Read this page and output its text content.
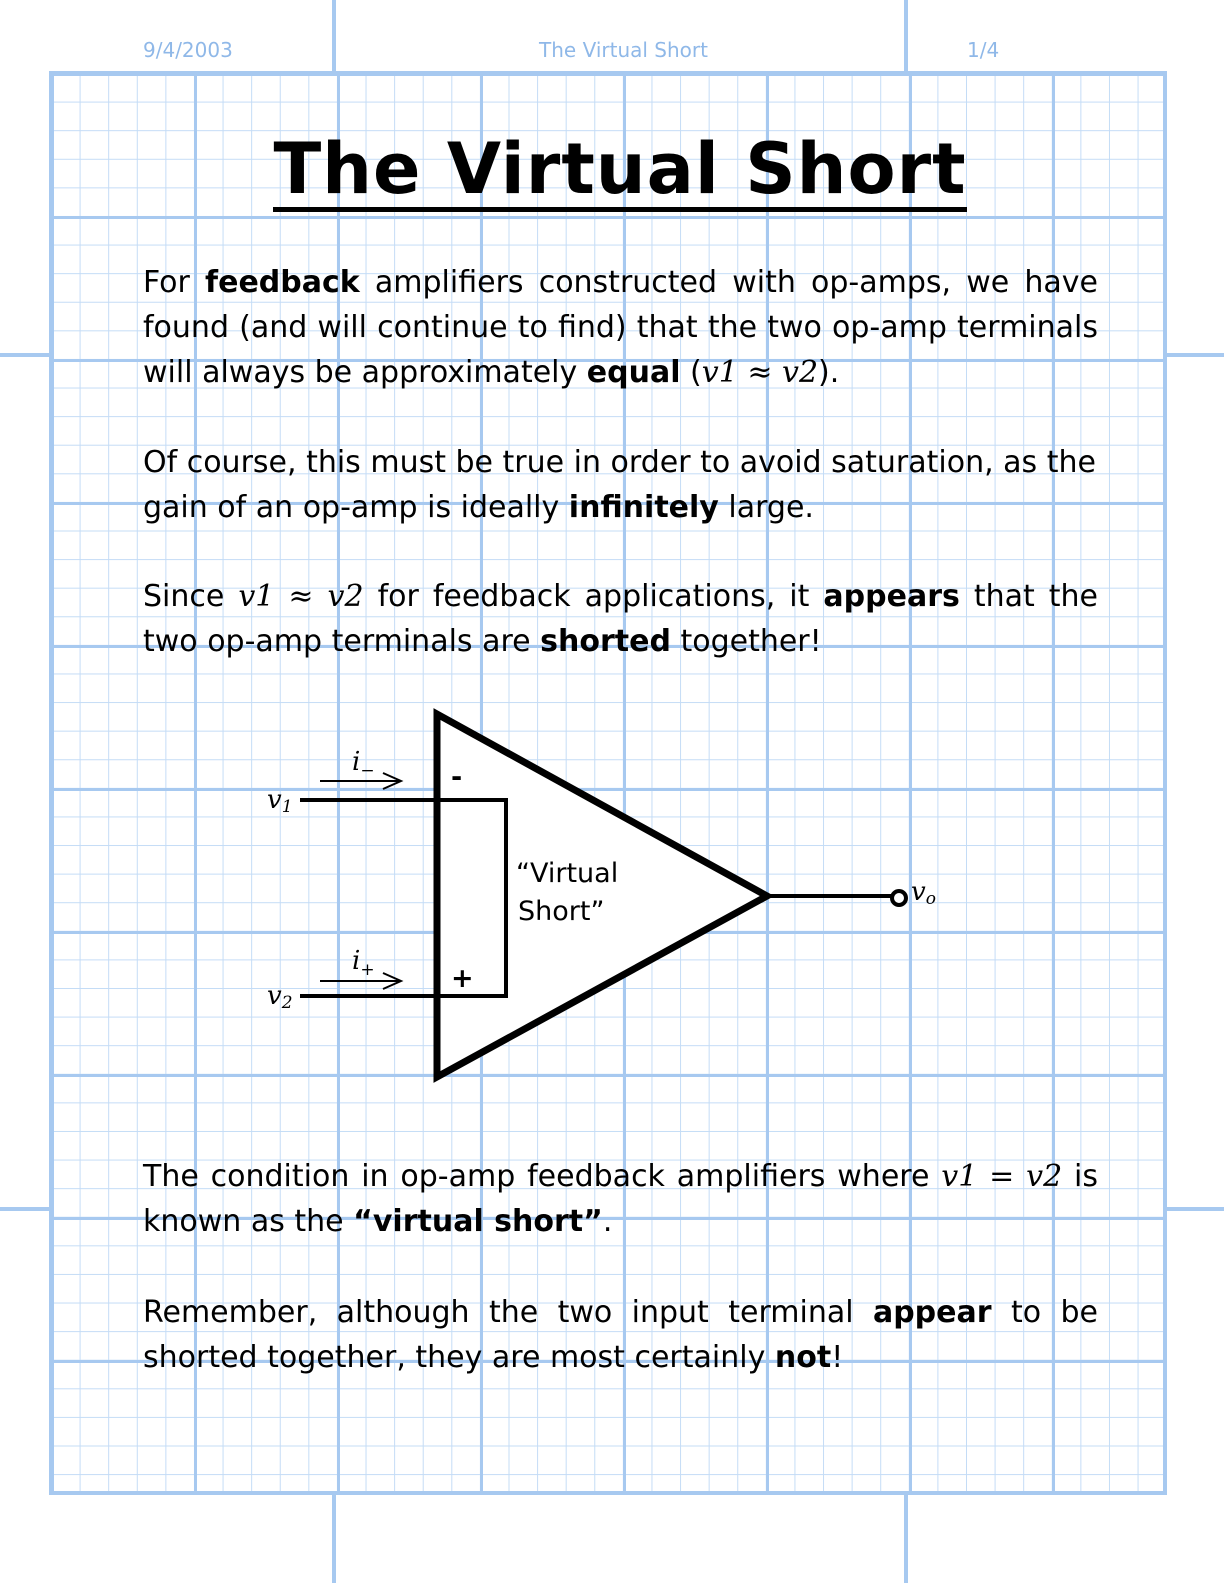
9/4/2003	The Virtual Short	1/4
The Virtual Short
For feedback amplifiers constructed with op-amps, we have found (and will continue to find) that the two op-amp terminals will always be approximately equal (v1 ≈ v2).
Of course, this must be true in order to avoid saturation, as the gain of an op-amp is ideally infinitely large.
Since v1 ≈ v2 for feedback applications, it appears that the two op-amp terminals are shorted together!
-
+
v1
v2
$i_-$
$i_+$
vo
“Virtual
Short”
The condition in op-amp feedback amplifiers where v1 = v2 is known as the “virtual short”.
Remember, although the two input terminal appear to be shorted together, they are most certainly not!
